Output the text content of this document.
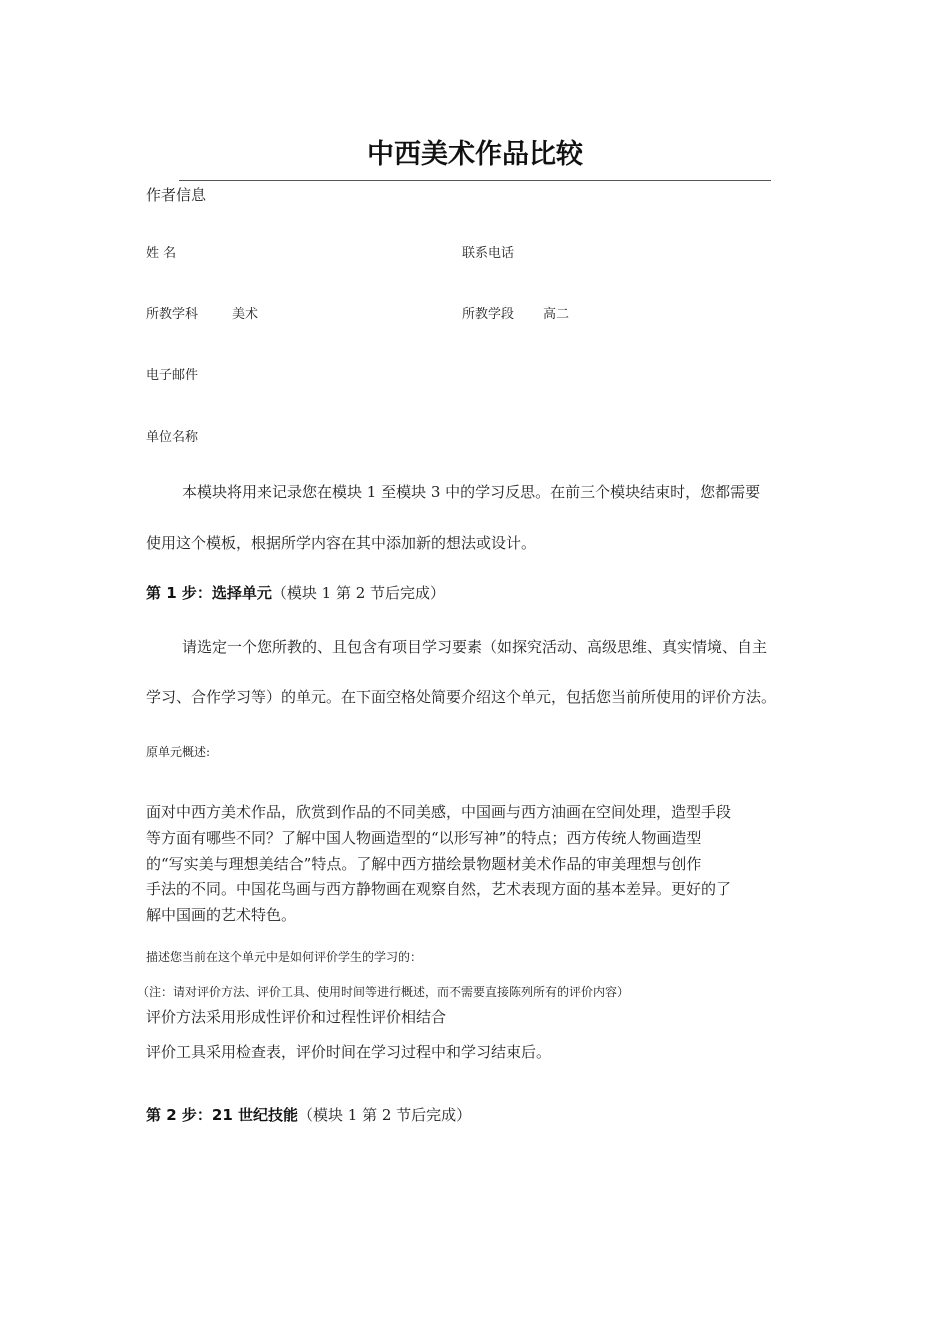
中西美术作品比较
作者信息
姓 名	联系电话
所教学科	美术	所教学段 高二
电子邮件
单位名称
本模块将用来记录您在模块 1 至模块 3 中的学习反思。在前三个模块结束时，您都需要
使用这个模板，根据所学内容在其中添加新的想法或设计。
第 1 步：选择单元（模块 1 第 2 节后完成）
请选定一个您所教的、且包含有项目学习要素（如探究活动、高级思维、真实情境、自主
学习、合作学习等）的单元。在下面空格处简要介绍这个单元，包括您当前所使用的评价方法。
原单元概述:
面对中西方美术作品，欣赏到作品的不同美感，中国画与西方油画在空间处理，造型手段
等方面有哪些不同？了解中国人物画造型的“以形写神”的特点；西方传统人物画造型
的“写实美与理想美结合”特点。了解中西方描绘景物题材美术作品的审美理想与创作
手法的不同。中国花鸟画与西方静物画在观察自然，艺术表现方面的基本差异。更好的了
解中国画的艺术特色。
描述您当前在这个单元中是如何评价学生的学习的：
（注：请对评价方法、评价工具、使用时间等进行概述，而不需要直接陈列所有的评价内容）
评价方法采用形成性评价和过程性评价相结合
评价工具采用检查表，评价时间在学习过程中和学习结束后。
第 2 步：21 世纪技能（模块 1 第 2 节后完成）
